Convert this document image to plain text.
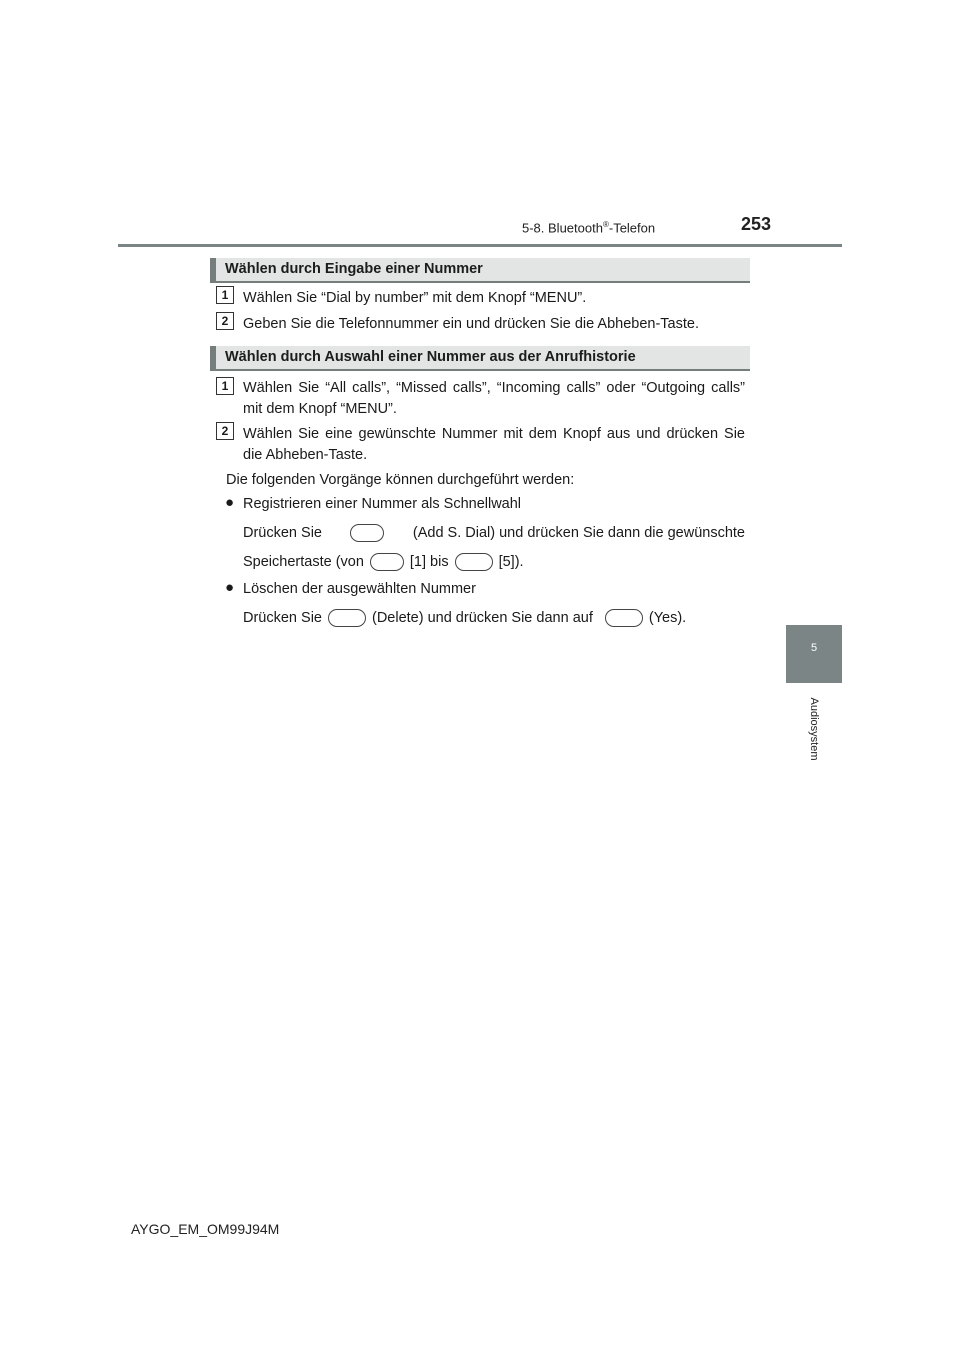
5-8. Bluetooth®-Telefon	253
Wählen durch Eingabe einer Nummer
1	Wählen Sie “Dial by number” mit dem Knopf “MENU”.
2	Geben Sie die Telefonnummer ein und drücken Sie die Abheben-Taste.
Wählen durch Auswahl einer Nummer aus der Anrufhistorie
1	Wählen Sie “All calls”, “Missed calls”, “Incoming calls” oder “Outgoing calls” mit dem Knopf “MENU”.
2	Wählen Sie eine gewünschte Nummer mit dem Knopf aus und drücken Sie die Abheben-Taste.
Die folgenden Vorgänge können durchgeführt werden:
● Registrieren einer Nummer als Schnellwahl
Drücken Sie	(Add S. Dial) und drücken Sie dann die gewünschte
Speichertaste (von	[1] bis	[5]).
● Löschen der ausgewählten Nummer
Drücken Sie	(Delete) und drücken Sie dann auf	(Yes).
5
Audiosystem
AYGO_EM_OM99J94M
